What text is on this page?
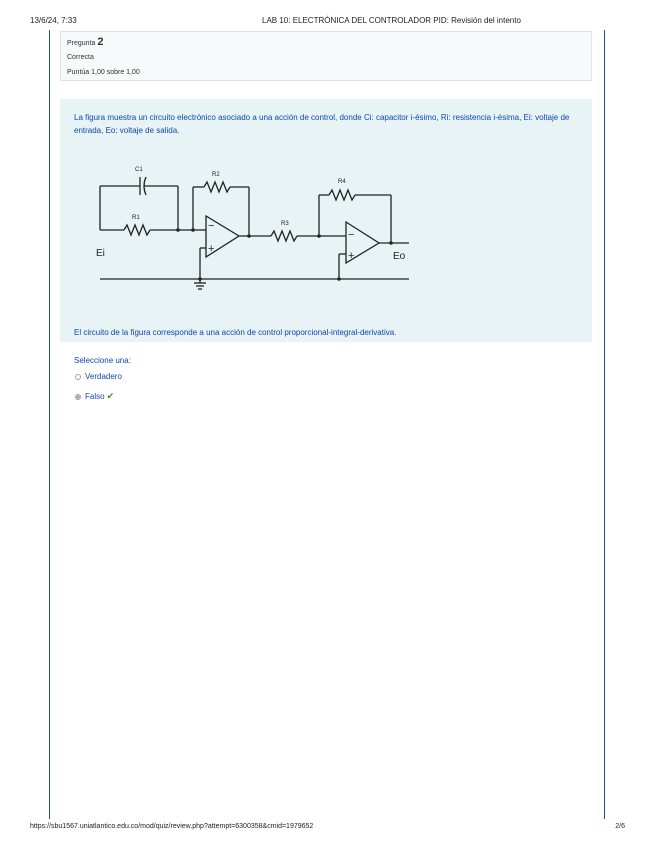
13/6/24, 7:33	LAB 10: ELECTRÓNICA DEL CONTROLADOR PID: Revisión del intento
Pregunta 2
Correcta
Puntúa 1,00 sobre 1,00
La figura muestra un circuito electrónico asociado a una acción de control, donde Ci: capacitor i-ésimo, Ri: resistencia i-ésima, Ei: voltaje de entrada, Eo: voltaje de salida.
C1
R1
R2
R3
R4
Ei	Eo
−
+
−
+
El circuito de la figura corresponde a una acción de control proporcional-integral-derivativa.
Seleccione una:
Verdadero
Falso ✔
https://sbu1567.uniatlantico.edu.co/mod/quiz/review.php?attempt=6300358&cmid=1979652	2/6
